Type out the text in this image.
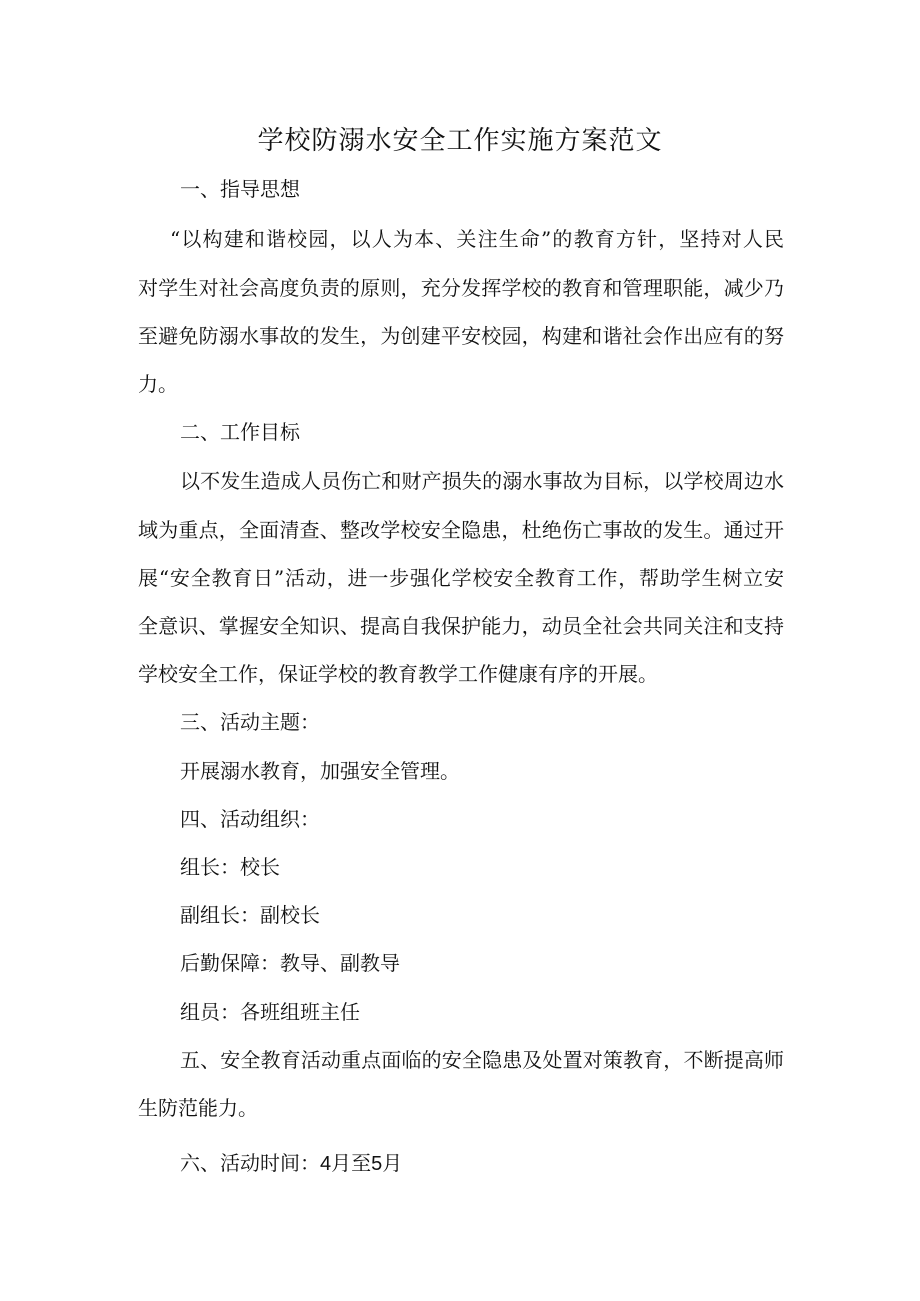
学校防溺水安全工作实施方案范文
一、指导思想
“以构建和谐校园，以人为本、关注生命”的教育方针，坚持对人民
对学生对社会高度负责的原则，充分发挥学校的教育和管理职能，减少乃
至避免防溺水事故的发生，为创建平安校园，构建和谐社会作出应有的努
力。
二、工作目标
以不发生造成人员伤亡和财产损失的溺水事故为目标，以学校周边水
域为重点，全面清查、整改学校安全隐患，杜绝伤亡事故的发生。通过开
展“安全教育日”活动，进一步强化学校安全教育工作，帮助学生树立安
全意识、掌握安全知识、提高自我保护能力，动员全社会共同关注和支持
学校安全工作，保证学校的教育教学工作健康有序的开展。
三、活动主题：
开展溺水教育，加强安全管理。
四、活动组织：
组长：校长
副组长：副校长
后勤保障：教导、副教导
组员：各班组班主任
五、安全教育活动重点面临的安全隐患及处置对策教育，不断提高师
生防范能力。
六、活动时间：4月至5月
